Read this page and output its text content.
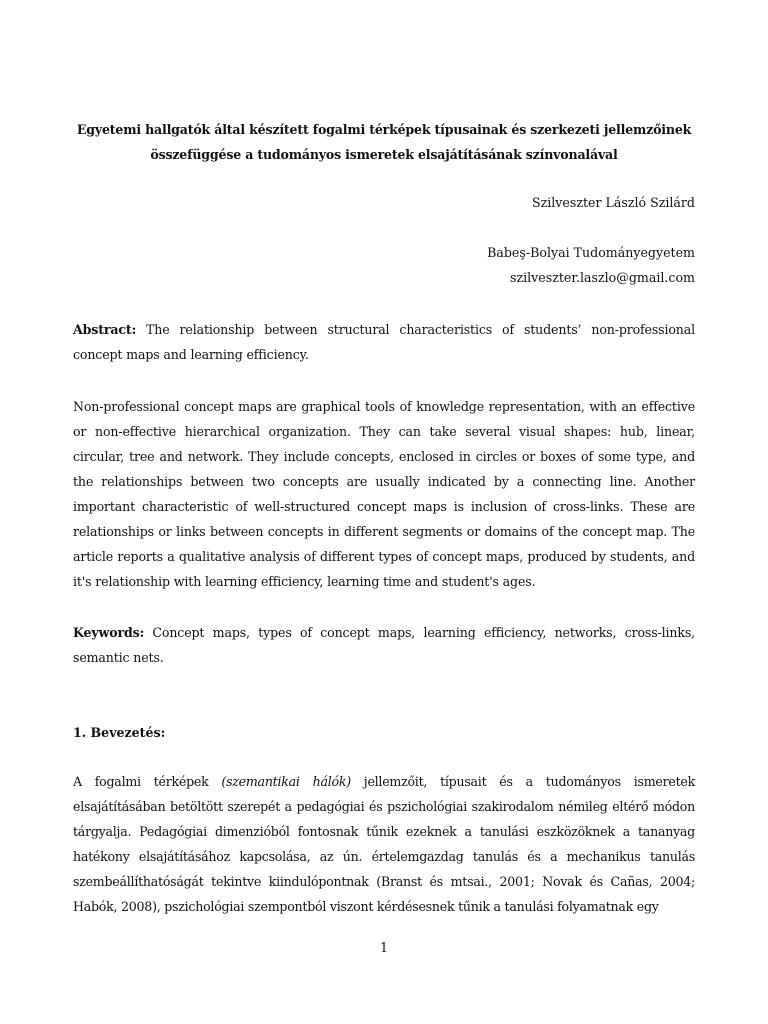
Egyetemi hallgatók által készített fogalmi térképek típusainak és szerkezeti jellemzőinek
összefüggése a tudományos ismeretek elsajátításának színvonalával
Szilveszter László Szilárd
Babeş-Bolyai Tudományegyetem
szilveszter.laszlo@gmail.com

Abstract: The relationship between structural characteristics of students’ non-professional concept maps and learning efficiency.

Non-professional concept maps are graphical tools of knowledge representation, with an effective or non-effective hierarchical organization. They can take several visual shapes: hub, linear, circular, tree and network. They include concepts, enclosed in circles or boxes of some type, and the relationships between two concepts are usually indicated by a connecting line. Another important characteristic of well-structured concept maps is inclusion of cross-links. These are relationships or links between concepts in different segments or domains of the concept map. The article reports a qualitative analysis of different types of concept maps, produced by students, and it's relationship with learning efficiency, learning time and student's ages.

Keywords: Concept maps, types of concept maps, learning efficiency, networks, cross-links, semantic nets.

1. Bevezetés:

A fogalmi térképek (szemantikai hálók) jellemzőit, típusait és a tudományos ismeretek elsajátításában betöltött szerepét a pedagógiai és pszichológiai szakirodalom némileg eltérő módon tárgyalja. Pedagógiai dimenzióból fontosnak tűnik ezeknek a tanulási eszközöknek a tananyag hatékony elsajátításához kapcsolása, az ún. értelemgazdag tanulás és a mechanikus tanulás szembeállíthatóságát tekintve kiindulópontnak (Branst és mtsai., 2001; Novak és Cañas, 2004; Habók, 2008), pszichológiai szempontból viszont kérdésesnek tűnik a tanulási folyamatnak egy

1
